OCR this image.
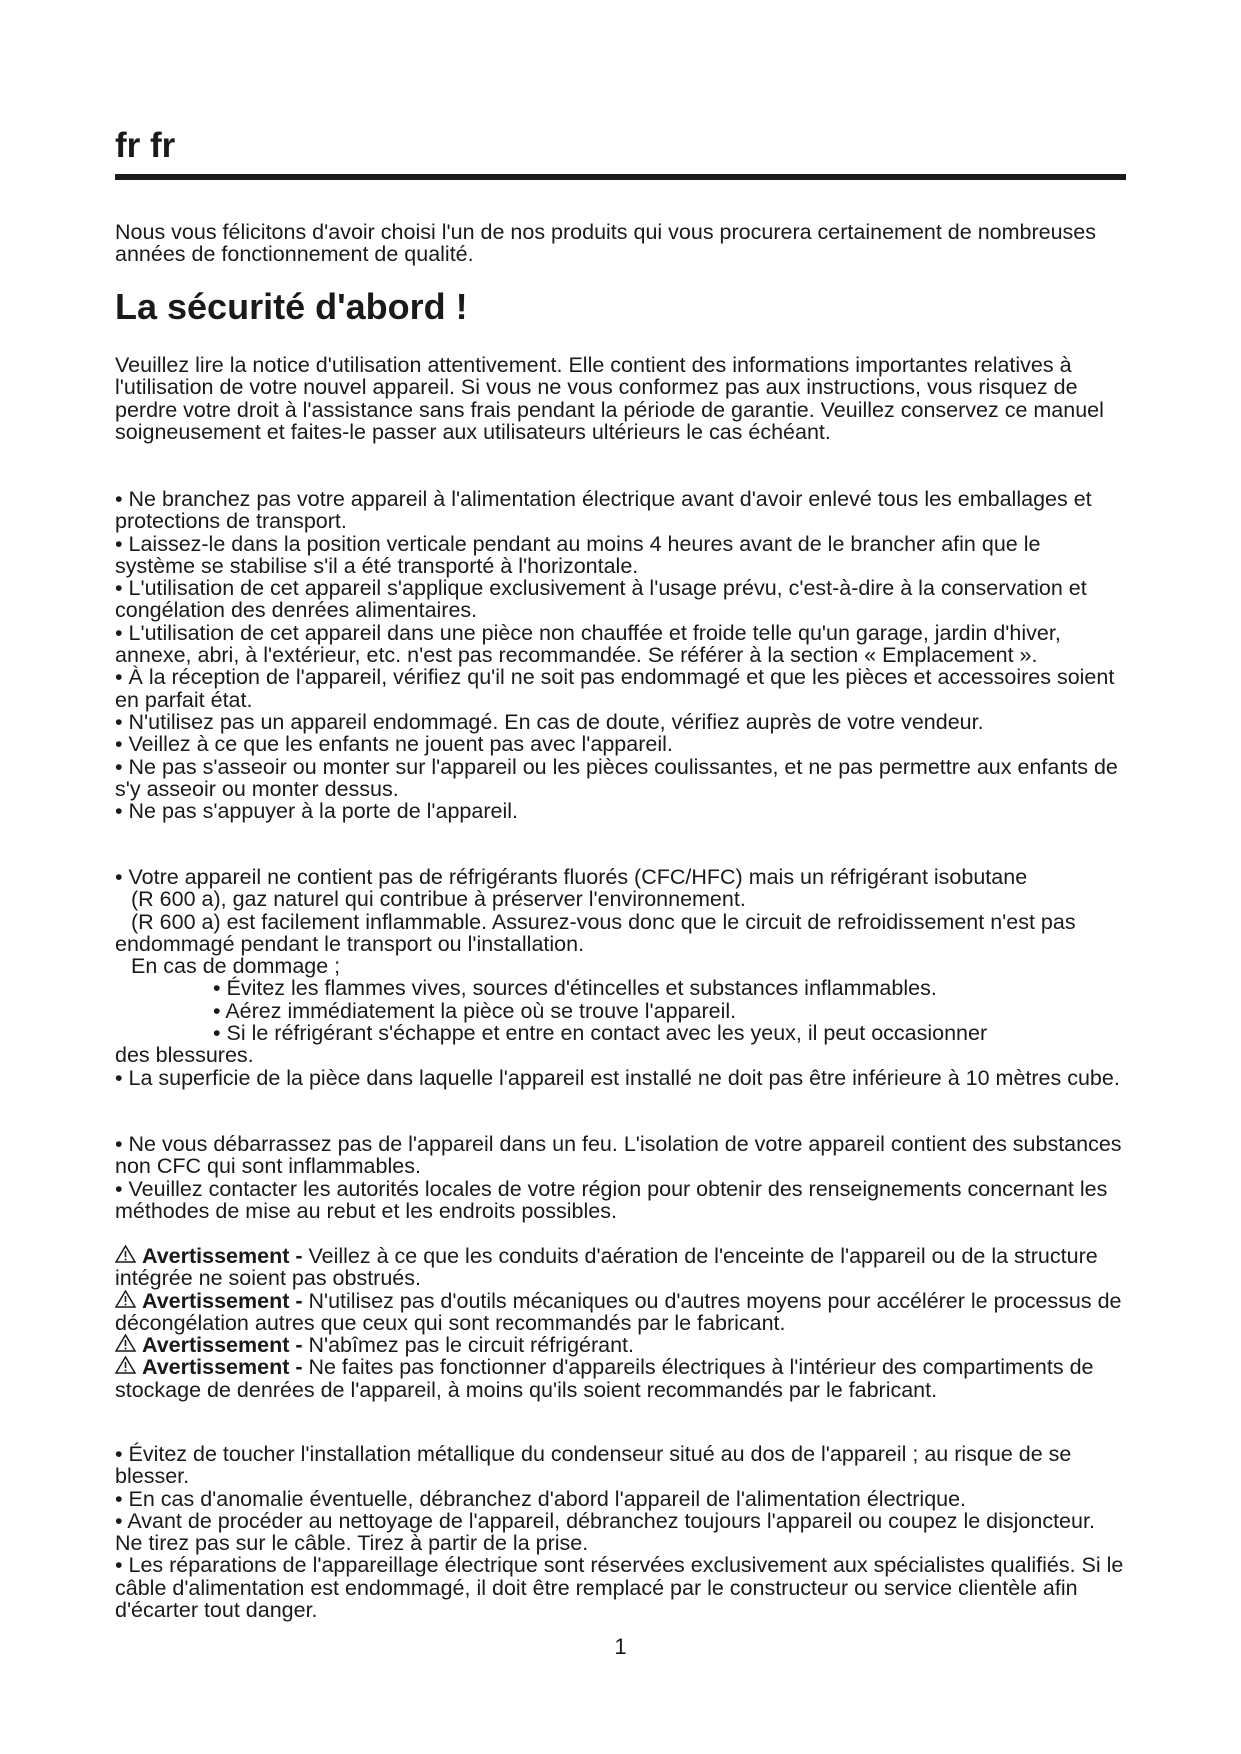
fr fr

Nous vous félicitons d'avoir choisi l'un de nos produits qui vous procurera certainement de nombreuses années de fonctionnement de qualité.

La sécurité d'abord !

Veuillez lire la notice d'utilisation attentivement. Elle contient des informations importantes relatives à l'utilisation de votre nouvel appareil. Si vous ne vous conformez pas aux instructions, vous risquez de perdre votre droit à l'assistance sans frais pendant la période de garantie. Veuillez conservez ce manuel soigneusement et faites-le passer aux utilisateurs ultérieurs le cas échéant.

• Ne branchez pas votre appareil à l'alimentation électrique avant d'avoir enlevé tous les emballages et protections de transport.

• Laissez-le dans la position verticale pendant au moins 4 heures avant de le brancher afin que le système se stabilise s'il a été transporté à l'horizontale.

• L'utilisation de cet appareil s'applique exclusivement à l'usage prévu, c'est-à-dire à la conservation et congélation des denrées alimentaires.

• L'utilisation de cet appareil dans une pièce non chauffée et froide telle qu'un garage, jardin d'hiver, annexe, abri, à l'extérieur, etc. n'est pas recommandée. Se référer à la section « Emplacement ».

• À la réception de l'appareil, vérifiez qu'il ne soit pas endommagé et que les pièces et accessoires soient en parfait état.

• N'utilisez pas un appareil endommagé. En cas de doute, vérifiez auprès de votre vendeur.

• Veillez à ce que les enfants ne jouent pas avec l'appareil.

• Ne pas s'asseoir ou monter sur l'appareil ou les pièces coulissantes, et ne pas permettre aux enfants de s'y asseoir ou monter dessus.

• Ne pas s'appuyer à la porte de l'appareil.

• Votre appareil ne contient pas de réfrigérants fluorés (CFC/HFC) mais un réfrigérant isobutane

(R 600 a), gaz naturel qui contribue à préserver l'environnement.

(R 600 a) est facilement inflammable. Assurez-vous donc que le circuit de refroidissement n'est pas endommagé pendant le transport ou l'installation.

En cas de dommage ;

• Évitez les flammes vives, sources d'étincelles et substances inflammables.

• Aérez immédiatement la pièce où se trouve l'appareil.

• Si le réfrigérant s'échappe et entre en contact avec les yeux, il peut occasionner

des blessures.

• La superficie de la pièce dans laquelle l'appareil est installé ne doit pas être inférieure à 10 mètres cube.

• Ne vous débarrassez pas de l'appareil dans un feu. L'isolation de votre appareil contient des substances non CFC qui sont inflammables.

• Veuillez contacter les autorités locales de votre région pour obtenir des renseignements concernant les méthodes de mise au rebut et les endroits possibles.

Avertissement - Veillez à ce que les conduits d'aération de l'enceinte de l'appareil ou de la structure intégrée ne soient pas obstrués.

Avertissement - N'utilisez pas d'outils mécaniques ou d'autres moyens pour accélérer le processus de décongélation autres que ceux qui sont recommandés par le fabricant.

Avertissement - N'abîmez pas le circuit réfrigérant.

Avertissement - Ne faites pas fonctionner d'appareils électriques à l'intérieur des compartiments de stockage de denrées de l'appareil, à moins qu'ils soient recommandés par le fabricant.

• Évitez de toucher l'installation métallique du condenseur situé au dos de l'appareil ; au risque de se blesser.

• En cas d'anomalie éventuelle, débranchez d'abord l'appareil de l'alimentation électrique.

• Avant de procéder au nettoyage de l'appareil, débranchez toujours l'appareil ou coupez le disjoncteur. Ne tirez pas sur le câble. Tirez à partir de la prise.

• Les réparations de l'appareillage électrique sont réservées exclusivement aux spécialistes qualifiés. Si le câble d'alimentation est endommagé, il doit être remplacé par le constructeur ou service clientèle afin d'écarter tout danger.

1
